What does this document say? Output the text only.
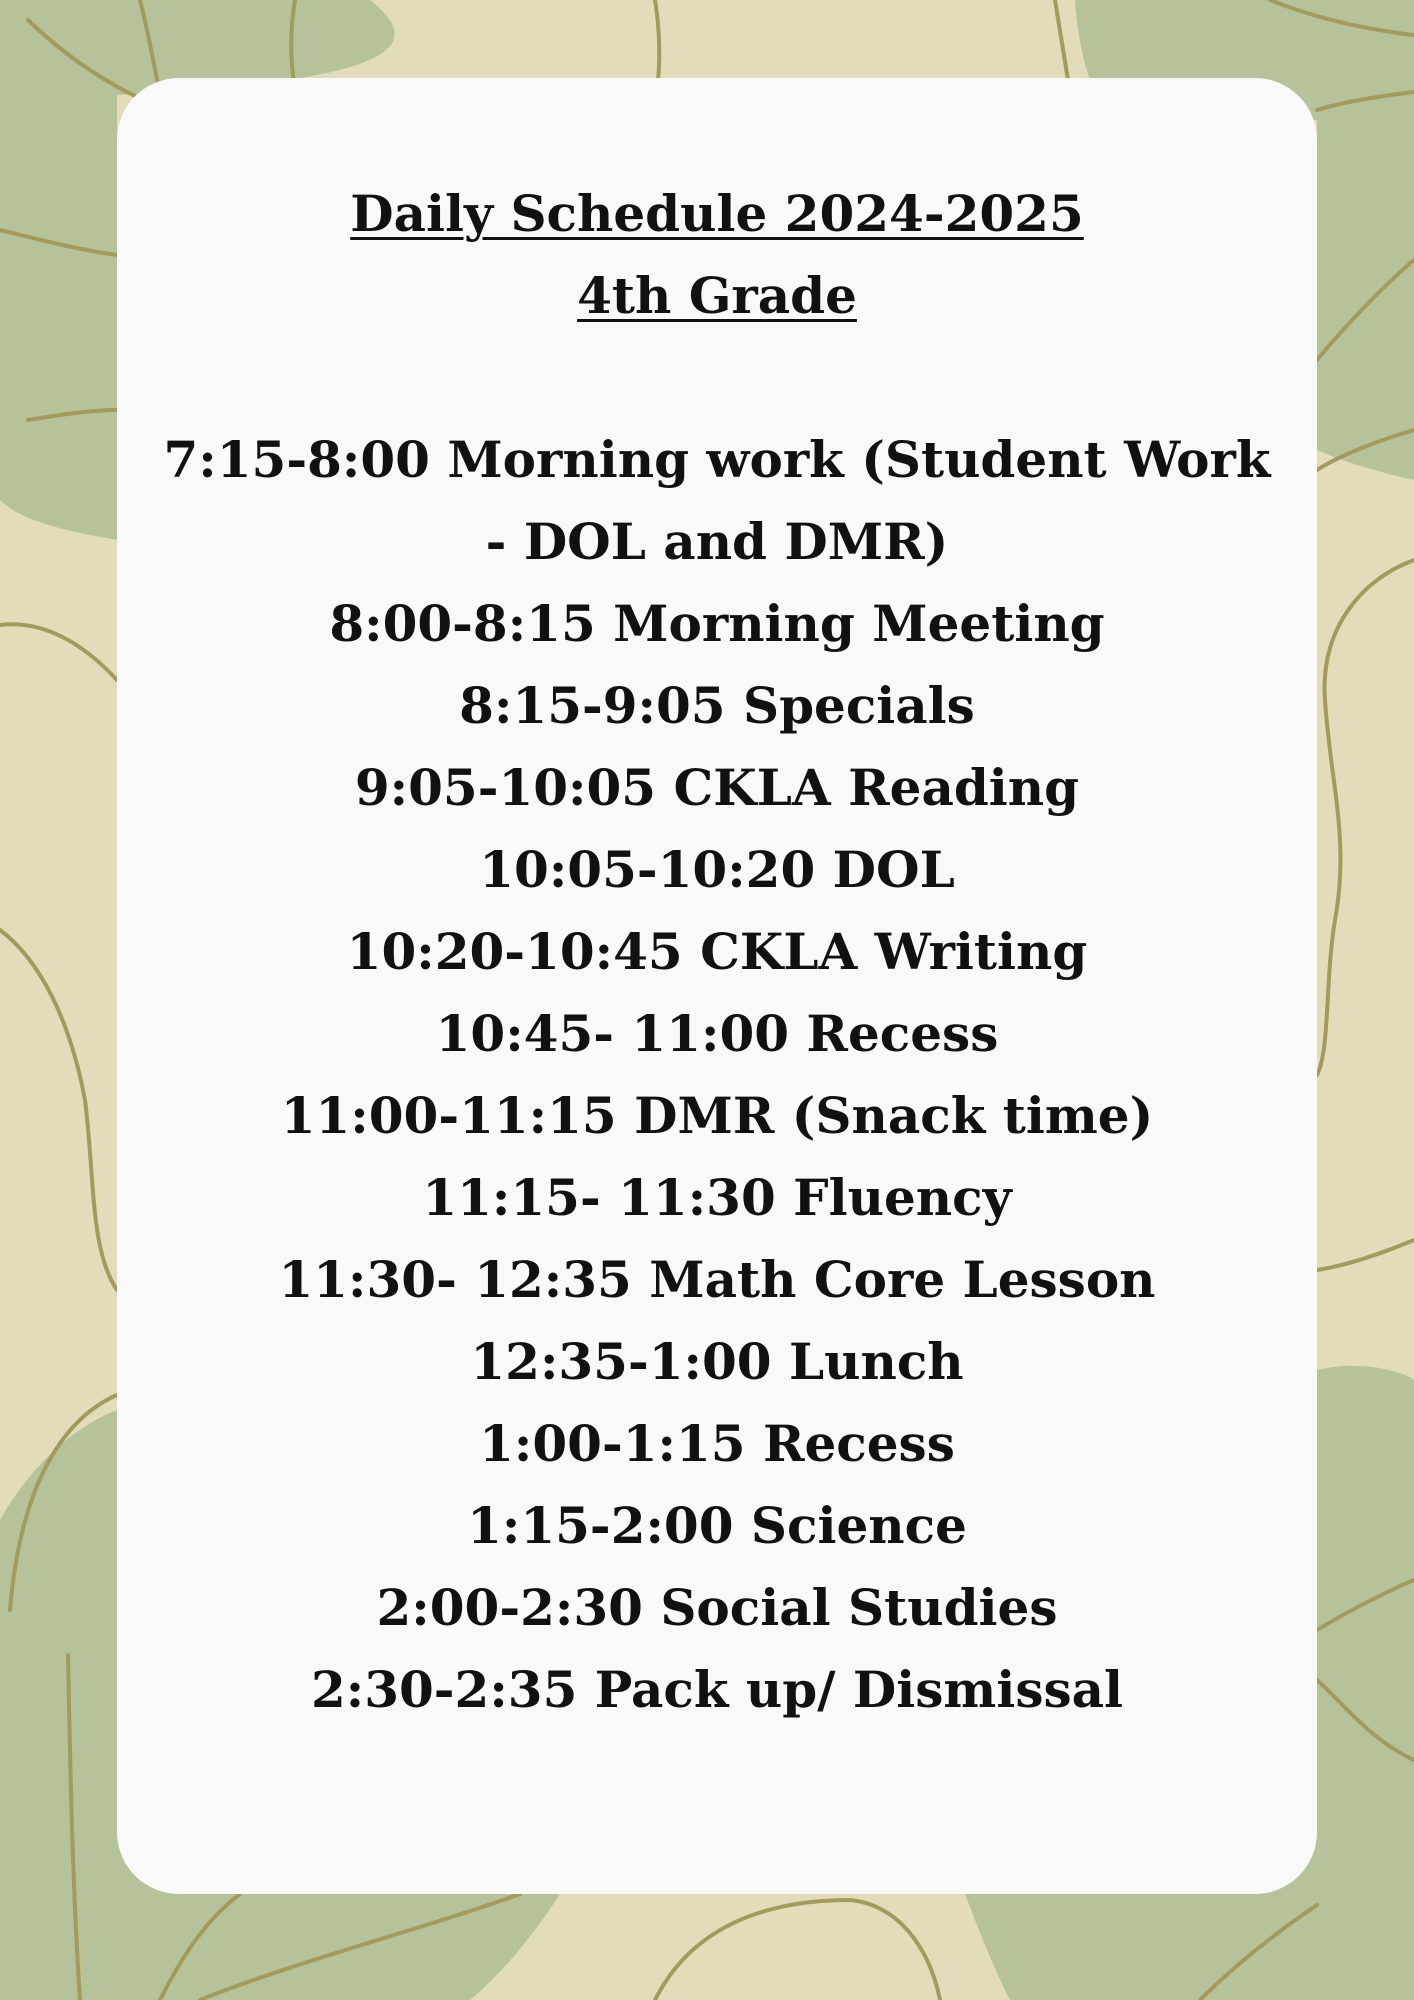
Daily Schedule 2024-2025

4th Grade

7:15-8:00 Morning work (Student Work - DOL and DMR)
8:00-8:15 Morning Meeting
8:15-9:05 Specials
9:05-10:05 CKLA Reading
10:05-10:20 DOL
10:20-10:45 CKLA Writing
10:45- 11:00 Recess
11:00-11:15 DMR (Snack time)
11:15- 11:30 Fluency
11:30- 12:35 Math Core Lesson
12:35-1:00 Lunch
1:00-1:15 Recess
1:15-2:00 Science
2:00-2:30 Social Studies
2:30-2:35 Pack up/ Dismissal
